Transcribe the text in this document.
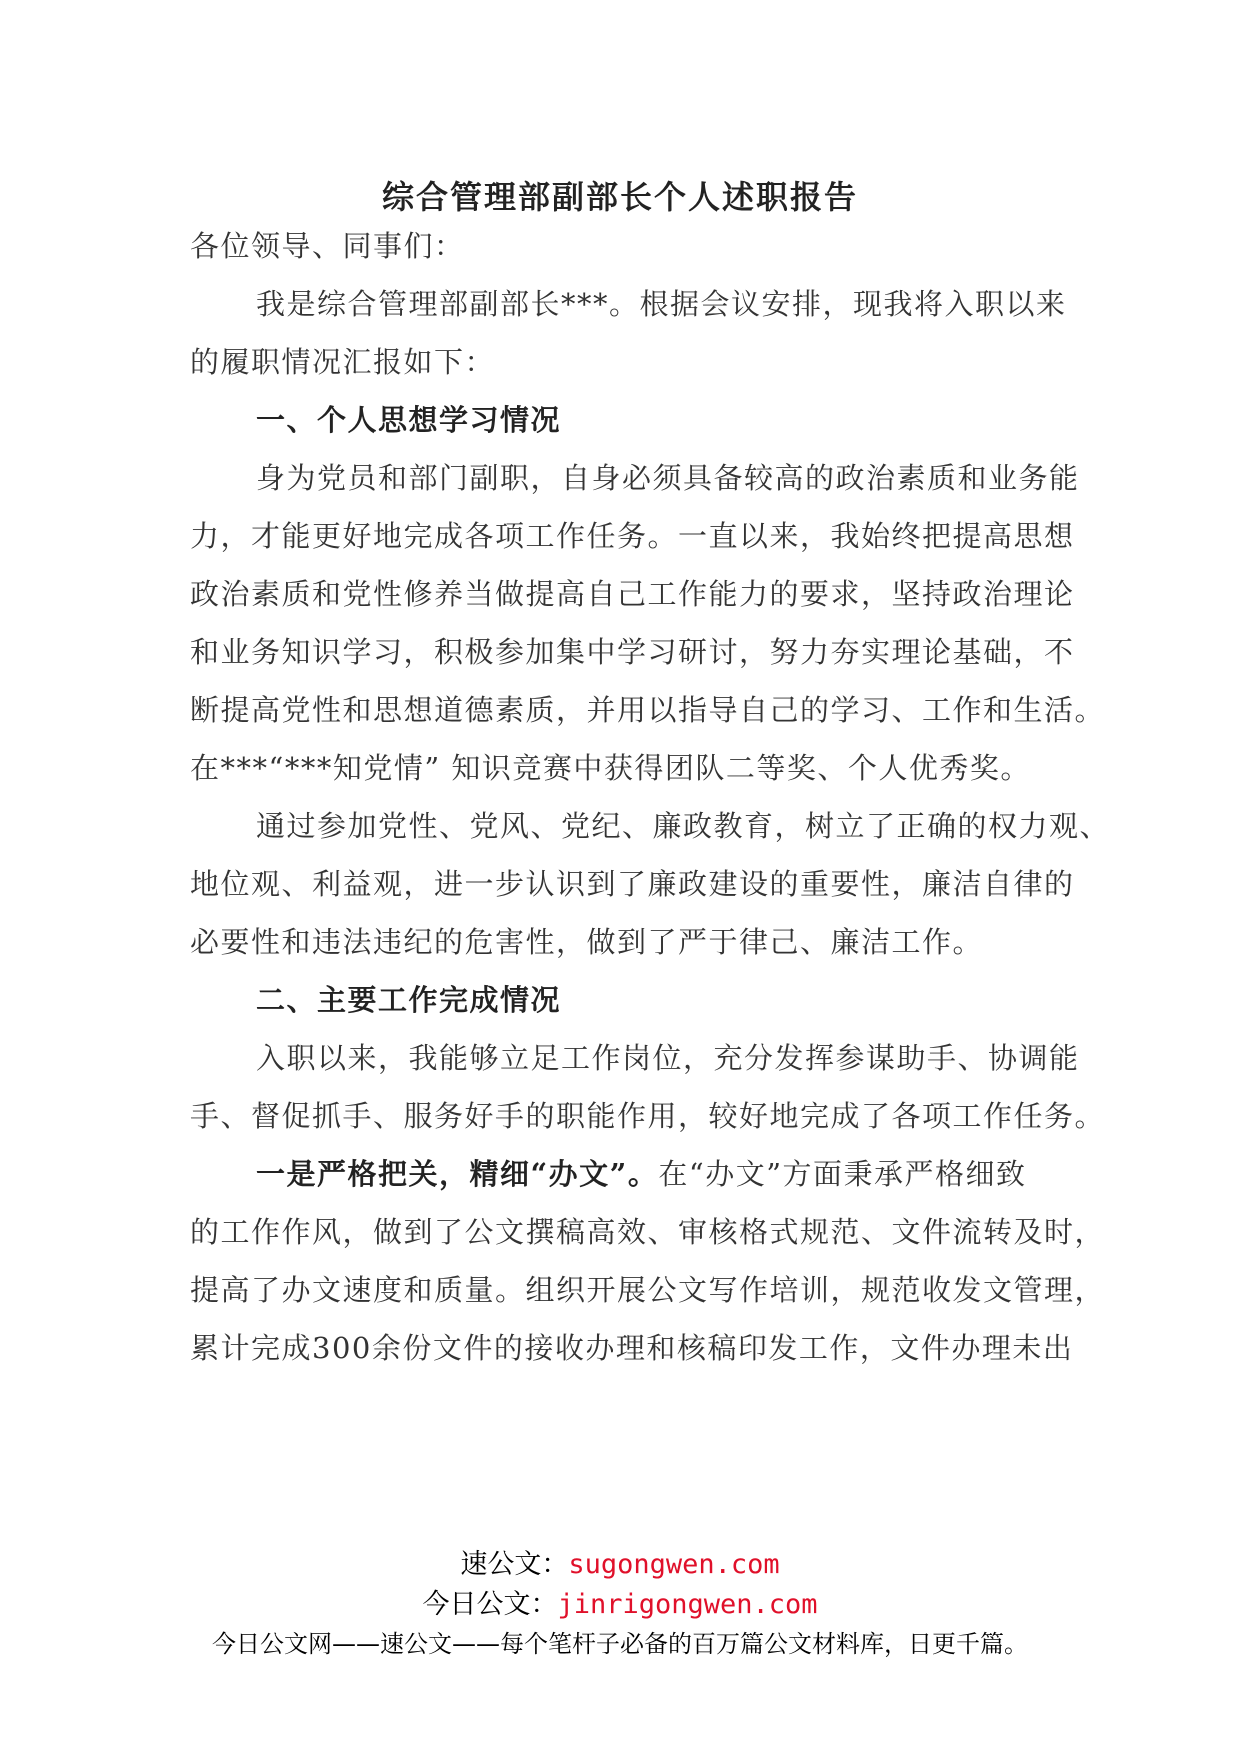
综合管理部副部长个人述职报告
各位领导、同事们：
我是综合管理部副部长***。根据会议安排，现我将入职以来
的履职情况汇报如下：
一、个人思想学习情况
身为党员和部门副职，自身必须具备较高的政治素质和业务能
力，才能更好地完成各项工作任务。一直以来，我始终把提高思想
政治素质和党性修养当做提高自己工作能力的要求，坚持政治理论
和业务知识学习，积极参加集中学习研讨，努力夯实理论基础，不
断提高党性和思想道德素质，并用以指导自己的学习、工作和生活。
在***“***知党情” 知识竞赛中获得团队二等奖、个人优秀奖。
通过参加党性、党风、党纪、廉政教育，树立了正确的权力观、
地位观、利益观，进一步认识到了廉政建设的重要性，廉洁自律的
必要性和违法违纪的危害性，做到了严于律己、廉洁工作。
二、主要工作完成情况
入职以来，我能够立足工作岗位，充分发挥参谋助手、协调能
手、督促抓手、服务好手的职能作用，较好地完成了各项工作任务。
一是严格把关，精细“办文”。在“办文”方面秉承严格细致
的工作作风，做到了公文撰稿高效、审核格式规范、文件流转及时，
提高了办文速度和质量。组织开展公文写作培训，规范收发文管理，
累计完成300余份文件的接收办理和核稿印发工作，文件办理未出
速公文：sugongwen.com
今日公文：jinrigongwen.com
今日公文网——速公文——每个笔杆子必备的百万篇公文材料库，日更千篇。
